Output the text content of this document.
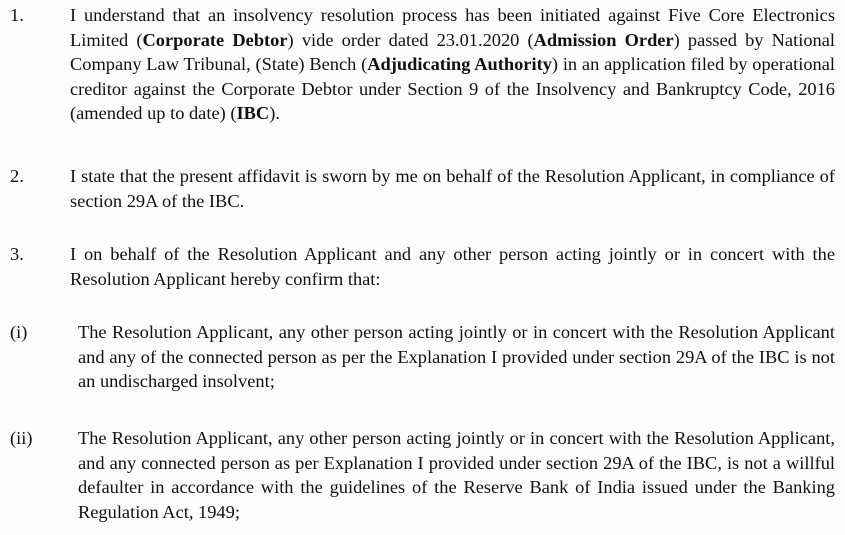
1.	I understand that an insolvency resolution process has been initiated against Five Core Electronics Limited (Corporate Debtor) vide order dated 23.01.2020 (Admission Order) passed by National Company Law Tribunal, (State) Bench (Adjudicating Authority) in an application filed by operational creditor against the Corporate Debtor under Section 9 of the Insolvency and Bankruptcy Code, 2016 (amended up to date) (IBC).
2.	I state that the present affidavit is sworn by me on behalf of the Resolution Applicant, in compliance of section 29A of the IBC.
3.	I on behalf of the Resolution Applicant and any other person acting jointly or in concert with the Resolution Applicant hereby confirm that:
(i)	The Resolution Applicant, any other person acting jointly or in concert with the Resolution Applicant and any of the connected person as per the Explanation I provided under section 29A of the IBC is not an undischarged insolvent;
(ii) The Resolution Applicant, any other person acting jointly or in concert with the Resolution Applicant, and any connected person as per Explanation I provided under section 29A of the IBC, is not a willful defaulter in accordance with the guidelines of the Reserve Bank of India issued under the Banking Regulation Act, 1949;
